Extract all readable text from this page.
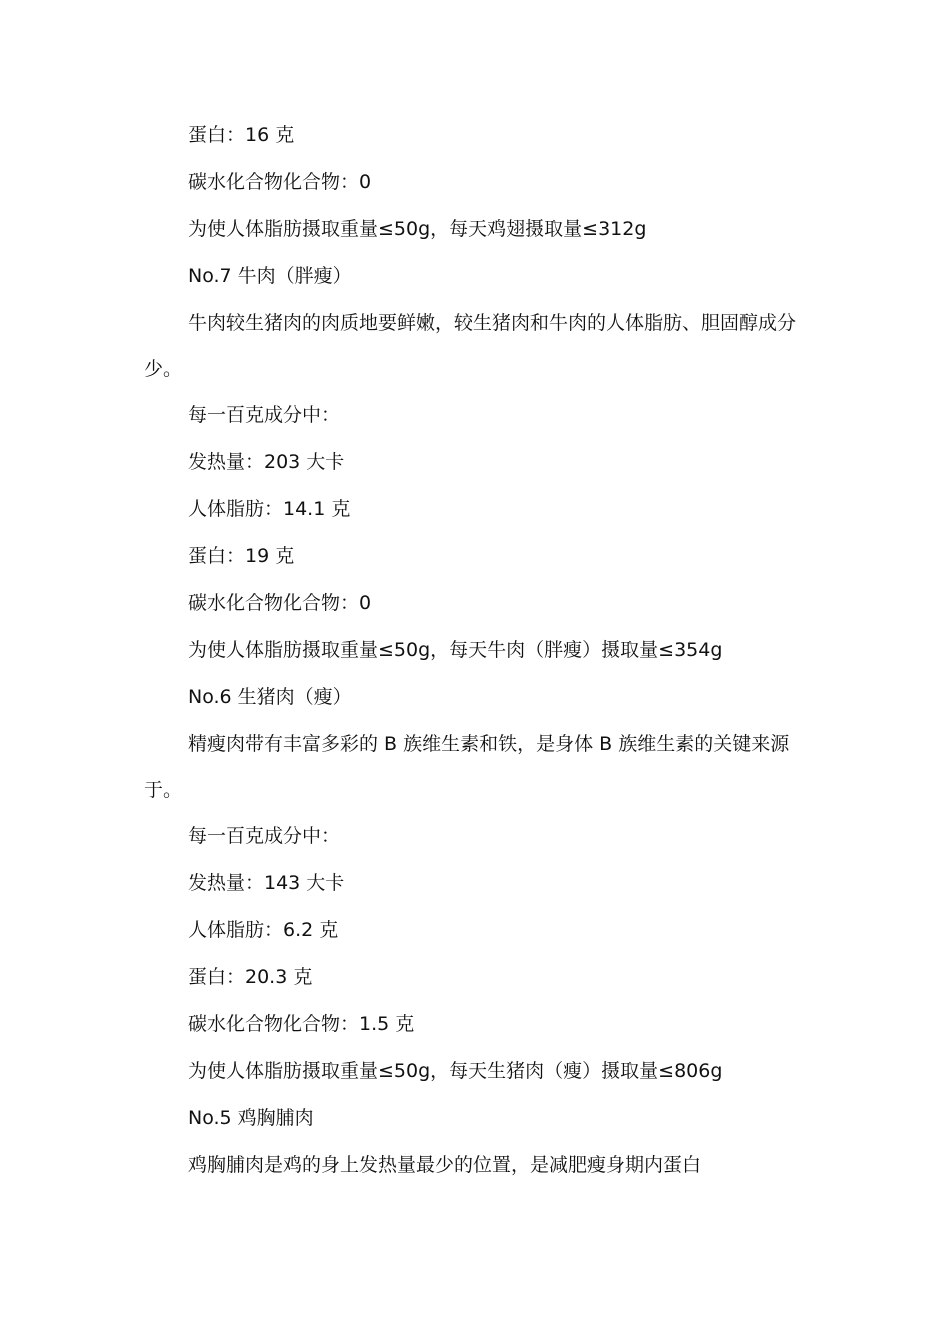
蛋白：16 克

碳水化合物化合物：0

为使人体脂肪摄取重量≤50g，每天鸡翅摄取量≤312g

No.7 牛肉（胖瘦）

牛肉较生猪肉的肉质地要鲜嫩，较生猪肉和牛肉的人体脂肪、胆固醇成分少。

每一百克成分中：

发热量：203 大卡

人体脂肪：14.1 克

蛋白：19 克

碳水化合物化合物：0

为使人体脂肪摄取重量≤50g，每天牛肉（胖瘦）摄取量≤354g

No.6 生猪肉（瘦）

精瘦肉带有丰富多彩的 B 族维生素和铁，是身体 B 族维生素的关键来源于。

每一百克成分中：

发热量：143 大卡

人体脂肪：6.2 克

蛋白：20.3 克

碳水化合物化合物：1.5 克

为使人体脂肪摄取重量≤50g，每天生猪肉（瘦）摄取量≤806g

No.5 鸡胸脯肉

鸡胸脯肉是鸡的身上发热量最少的位置，是减肥瘦身期内蛋白
